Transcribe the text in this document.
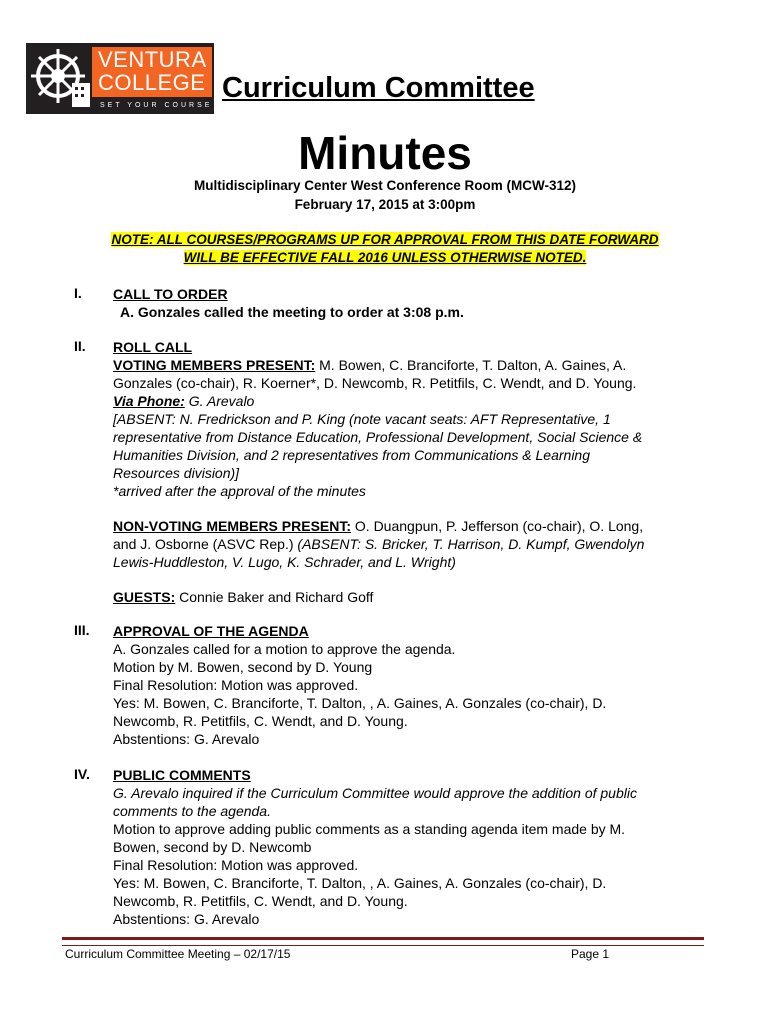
VENTURA
COLLEGE
SET YOUR COURSE
Curriculum Committee
Minutes
Multidisciplinary Center West Conference Room (MCW-312)
February 17, 2015 at 3:00pm
NOTE: ALL COURSES/PROGRAMS UP FOR APPROVAL FROM THIS DATE FORWARD
WILL BE EFFECTIVE FALL 2016 UNLESS OTHERWISE NOTED.
I. CALL TO ORDER
A. Gonzales called the meeting to order at 3:08 p.m.
II. ROLL CALL
VOTING MEMBERS PRESENT: M. Bowen, C. Branciforte, T. Dalton, A. Gaines, A.
Gonzales (co-chair), R. Koerner*, D. Newcomb, R. Petitfils, C. Wendt, and D. Young.
Via Phone: G. Arevalo
[ABSENT: N. Fredrickson and P. King (note vacant seats: AFT Representative, 1
representative from Distance Education, Professional Development, Social Science &
Humanities Division, and 2 representatives from Communications & Learning
Resources division)]
*arrived after the approval of the minutes
NON-VOTING MEMBERS PRESENT: O. Duangpun, P. Jefferson (co-chair), O. Long,
and J. Osborne (ASVC Rep.) (ABSENT: S. Bricker, T. Harrison, D. Kumpf, Gwendolyn
Lewis-Huddleston, V. Lugo, K. Schrader, and L. Wright)
GUESTS: Connie Baker and Richard Goff
III. APPROVAL OF THE AGENDA
A. Gonzales called for a motion to approve the agenda.
Motion by M. Bowen, second by D. Young
Final Resolution: Motion was approved.
Yes: M. Bowen, C. Branciforte, T. Dalton, , A. Gaines, A. Gonzales (co-chair), D.
Newcomb, R. Petitfils, C. Wendt, and D. Young.
Abstentions: G. Arevalo
IV. PUBLIC COMMENTS
G. Arevalo inquired if the Curriculum Committee would approve the addition of public
comments to the agenda.
Motion to approve adding public comments as a standing agenda item made by M.
Bowen, second by D. Newcomb
Final Resolution: Motion was approved.
Yes: M. Bowen, C. Branciforte, T. Dalton, , A. Gaines, A. Gonzales (co-chair), D.
Newcomb, R. Petitfils, C. Wendt, and D. Young.
Abstentions: G. Arevalo
Curriculum Committee Meeting – 02/17/15	Page 1
